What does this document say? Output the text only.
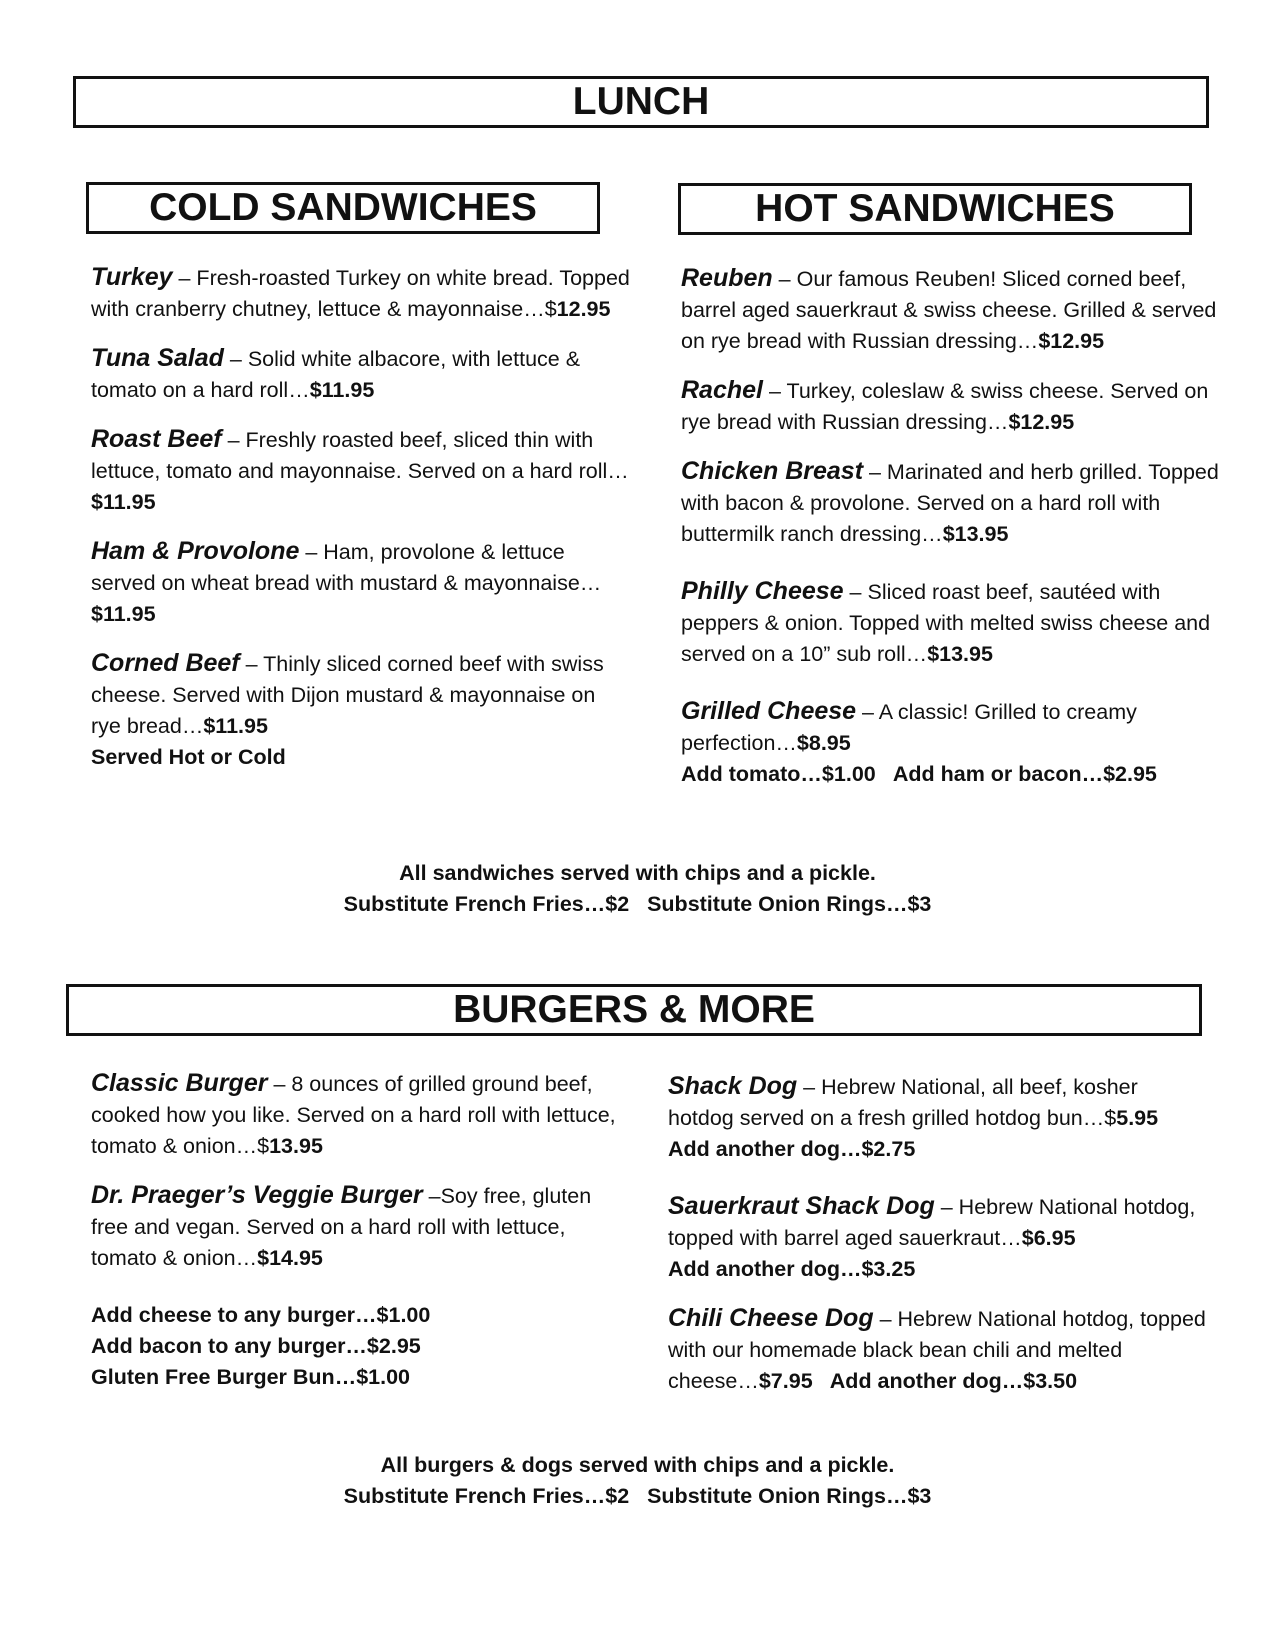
LUNCH
COLD SANDWICHES	HOT SANDWICHES
Turkey – Fresh-roasted Turkey on white bread. Topped with cranberry chutney, lettuce & mayonnaise…$12.95
Tuna Salad – Solid white albacore, with lettuce & tomato on a hard roll…$11.95
Roast Beef – Freshly roasted beef, sliced thin with lettuce, tomato and mayonnaise. Served on a hard roll…$11.95
Ham & Provolone – Ham, provolone & lettuce served on wheat bread with mustard & mayonnaise…$11.95
Corned Beef – Thinly sliced corned beef with swiss cheese. Served with Dijon mustard & mayonnaise on rye bread…$11.95
Served Hot or Cold
Reuben – Our famous Reuben! Sliced corned beef, barrel aged sauerkraut & swiss cheese. Grilled & served on rye bread with Russian dressing…$12.95
Rachel – Turkey, coleslaw & swiss cheese. Served on rye bread with Russian dressing…$12.95
Chicken Breast – Marinated and herb grilled. Topped with bacon & provolone. Served on a hard roll with buttermilk ranch dressing…$13.95
Philly Cheese – Sliced roast beef, sautéed with peppers & onion. Topped with melted swiss cheese and served on a 10” sub roll…$13.95
Grilled Cheese – A classic! Grilled to creamy perfection…$8.95
Add tomato…$1.00   Add ham or bacon…$2.95
All sandwiches served with chips and a pickle.
Substitute French Fries…$2   Substitute Onion Rings…$3
BURGERS & MORE
Classic Burger – 8 ounces of grilled ground beef, cooked how you like. Served on a hard roll with lettuce, tomato & onion…$13.95
Dr. Praeger’s Veggie Burger –Soy free, gluten free and vegan. Served on a hard roll with lettuce, tomato & onion…$14.95
Add cheese to any burger…$1.00
Add bacon to any burger…$2.95
Gluten Free Burger Bun…$1.00
Shack Dog – Hebrew National, all beef, kosher hotdog served on a fresh grilled hotdog bun…$5.95
Add another dog…$2.75
Sauerkraut Shack Dog – Hebrew National hotdog, topped with barrel aged sauerkraut…$6.95
Add another dog…$3.25
Chili Cheese Dog – Hebrew National hotdog, topped with our homemade black bean chili and melted cheese…$7.95   Add another dog…$3.50
All burgers & dogs served with chips and a pickle.
Substitute French Fries…$2   Substitute Onion Rings…$3
